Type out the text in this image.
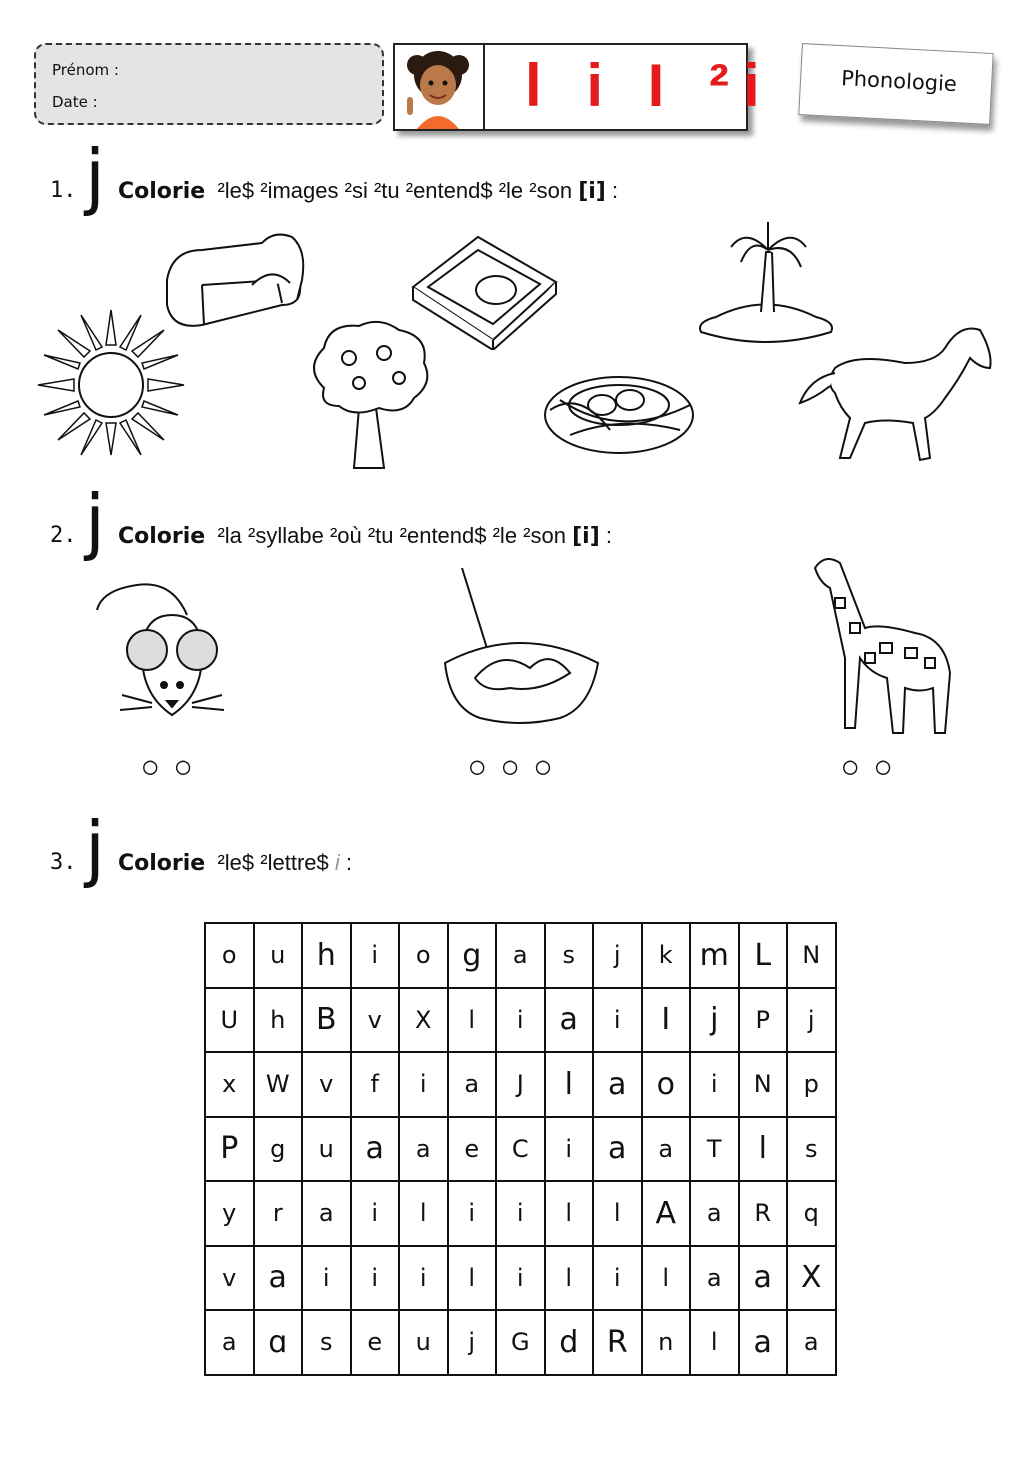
Prénom :
Date :	l i I ²i	Phonologie
1. j Colorie ²le$ ²images ²si ²tu ²entend$ ²le ²son [i] :
2. j Colorie ²la ²syllabe ²où ²tu ²entend$ ²le ²son [i] :
○ ○	○ ○ ○	○ ○
3. j Colorie ²le$ ²lettre$ i :
o	u	h	i	o	g	a	s	j	k	m	L	N
U	h	B	v	X	l	i	a	i	I	j	P	j
x	W	v	f	i	a	J	l	a	o	i	N	p
P	g	u	a	a	e	C	i	a	a	T	l	s
y	r	a	i	l	i	i	l	l	A	a	R	q
v	a	i	i	i	l	i	l	i	l	a	a	X
a	ɑ	s	e	u	j	G	d	R	n	l	a	a
